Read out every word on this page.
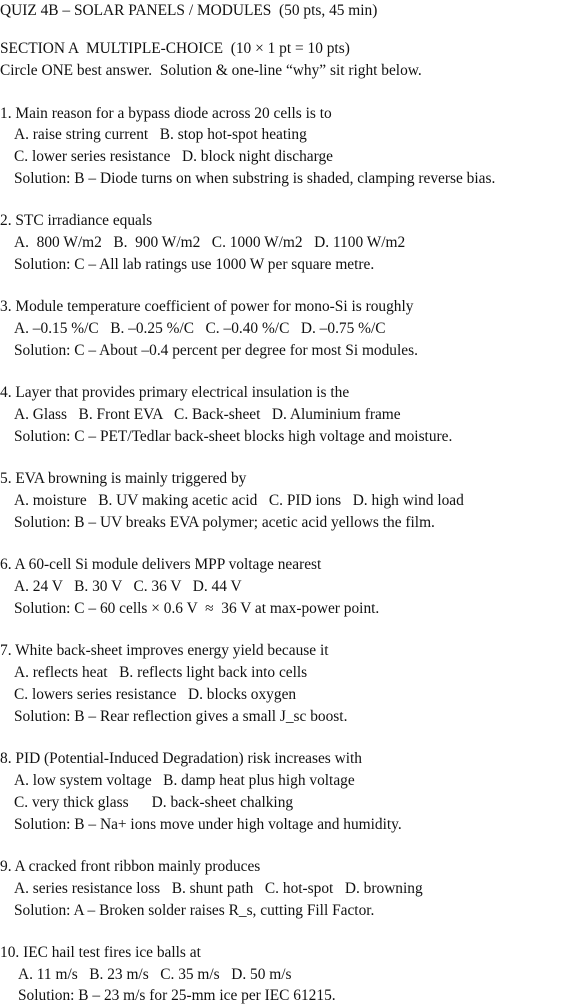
QUIZ 4B – SOLAR PANELS / MODULES  (50 pts, 45 min)
SECTION A  MULTIPLE-CHOICE  (10 × 1 pt = 10 pts)
Circle ONE best answer.  Solution & one-line “why” sit right below.
1. Main reason for a bypass diode across 20 cells is to
A. raise string current   B. stop hot-spot heating
C. lower series resistance   D. block night discharge
Solution: B – Diode turns on when substring is shaded, clamping reverse bias.
2. STC irradiance equals
A.  800 W/m2   B.  900 W/m2   C. 1000 W/m2   D. 1100 W/m2
Solution: C – All lab ratings use 1000 W per square metre.
3. Module temperature coefficient of power for mono-Si is roughly
A. –0.15 %/C   B. –0.25 %/C   C. –0.40 %/C   D. –0.75 %/C
Solution: C – About –0.4 percent per degree for most Si modules.
4. Layer that provides primary electrical insulation is the
A. Glass   B. Front EVA   C. Back-sheet   D. Aluminium frame
Solution: C – PET/Tedlar back-sheet blocks high voltage and moisture.
5. EVA browning is mainly triggered by
A. moisture   B. UV making acetic acid   C. PID ions   D. high wind load
Solution: B – UV breaks EVA polymer; acetic acid yellows the film.
6. A 60-cell Si module delivers MPP voltage nearest
A. 24 V   B. 30 V   C. 36 V   D. 44 V
Solution: C – 60 cells × 0.6 V  ≈  36 V at max-power point.
7. White back-sheet improves energy yield because it
A. reflects heat   B. reflects light back into cells
C. lowers series resistance   D. blocks oxygen
Solution: B – Rear reflection gives a small J_sc boost.
8. PID (Potential-Induced Degradation) risk increases with
A. low system voltage   B. damp heat plus high voltage
C. very thick glass      D. back-sheet chalking
Solution: B – Na+ ions move under high voltage and humidity.
9. A cracked front ribbon mainly produces
A. series resistance loss   B. shunt path   C. hot-spot   D. browning
Solution: A – Broken solder raises R_s, cutting Fill Factor.
10. IEC hail test fires ice balls at
A. 11 m/s   B. 23 m/s   C. 35 m/s   D. 50 m/s
Solution: B – 23 m/s for 25-mm ice per IEC 61215.
